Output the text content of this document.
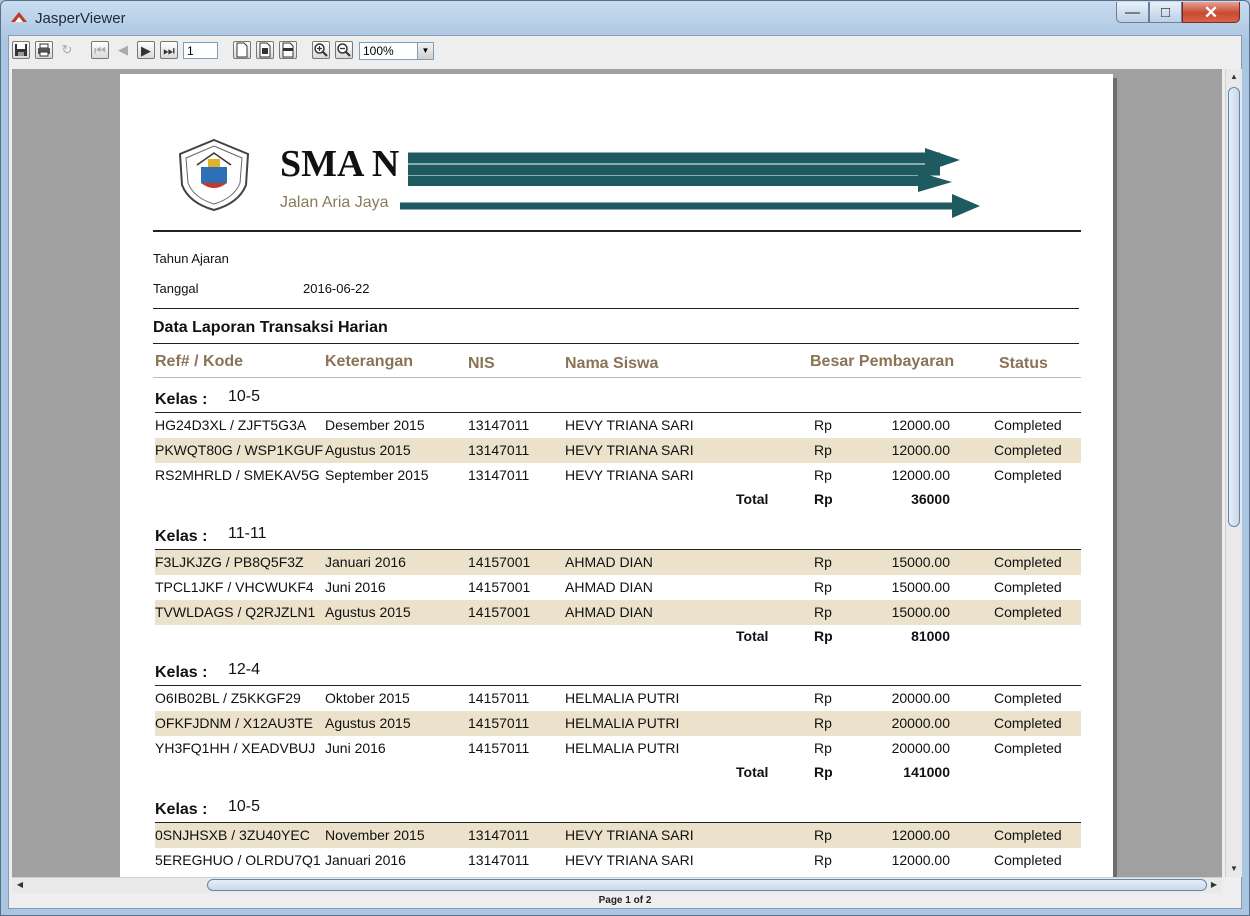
JasperViewer	—	□	✕
↻ ⏮ ◀	▶ ⏭	1	100%	▼
SMA N
Jalan Aria Jaya
Tahun Ajaran
Tanggal	2016-06-22
Data Laporan Transaksi Harian
Ref# / Kode	Keterangan	NIS	Nama Siswa	Besar Pembayaran	Status
Kelas : 10-5
HG24D3XL / ZJFT5G3A Desember 2015	13147011	HEVY TRIANA SARI	Rp	12000.00	Completed
PKWQT80G / WSP1KGUF Agustus 2015	13147011	HEVY TRIANA SARI	Rp	12000.00	Completed
RS2MHRLD / SMEKAV5G September 2015	13147011	HEVY TRIANA SARI	Rp	12000.00	Completed
Total	Rp	36000
Kelas : 11-11
F3LJKJZG / PB8Q5F3Z Januari 2016	14157001 AHMAD DIAN	Rp	15000.00	Completed
TPCL1JKF / VHCWUKF4 Juni 2016	14157001 AHMAD DIAN	Rp	15000.00	Completed
TVWLDAGS / Q2RJZLN1 Agustus 2015	14157001 AHMAD DIAN	Rp	15000.00	Completed
Total	Rp	81000
Kelas : 12-4
O6IB02BL / Z5KKGF29 Oktober 2015	14157011	HELMALIA PUTRI	Rp	20000.00	Completed
OFKFJDNM / X12AU3TE Agustus 2015	14157011	HELMALIA PUTRI	Rp	20000.00	Completed
YH3FQ1HH / XEADVBUJ Juni 2016	14157011	HELMALIA PUTRI	Rp	20000.00	Completed
Total	Rp	141000
Kelas : 10-5
0SNJHSXB / 3ZU40YEC November 2015	13147011	HEVY TRIANA SARI	Rp	12000.00	Completed
5EREGHUO / OLRDU7Q1 Januari 2016	13147011	HEVY TRIANA SARI	Rp	12000.00	Completed
▲
▼
◀	▶
Page 1 of 2
